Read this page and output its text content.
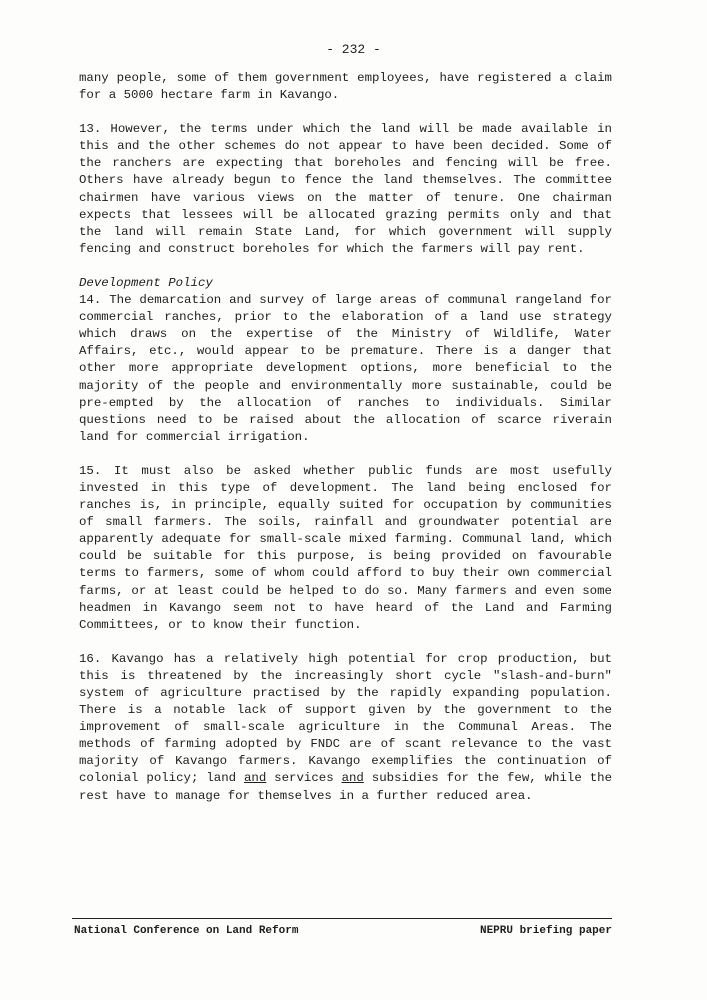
- 232 -

many people, some of them government employees, have registered a claim for a 5000 hectare farm in Kavango.

13. However, the terms under which the land will be made available in this and the other schemes do not appear to have been decided. Some of the ranchers are expecting that boreholes and fencing will be free. Others have already begun to fence the land themselves. The committee chairmen have various views on the matter of tenure. One chairman expects that lessees will be allocated grazing permits only and that the land will remain State Land, for which government will supply fencing and construct boreholes for which the farmers will pay rent.

Development Policy

14. The demarcation and survey of large areas of communal rangeland for commercial ranches, prior to the elaboration of a land use strategy which draws on the expertise of the Ministry of Wildlife, Water Affairs, etc., would appear to be premature. There is a danger that other more appropriate development options, more beneficial to the majority of the people and environmentally more sustainable, could be pre-empted by the allocation of ranches to individuals. Similar questions need to be raised about the allocation of scarce riverain land for commercial irrigation.

15. It must also be asked whether public funds are most usefully invested in this type of development. The land being enclosed for ranches is, in principle, equally suited for occupation by communities of small farmers. The soils, rainfall and groundwater potential are apparently adequate for small-scale mixed farming. Communal land, which could be suitable for this purpose, is being provided on favourable terms to farmers, some of whom could afford to buy their own commercial farms, or at least could be helped to do so. Many farmers and even some headmen in Kavango seem not to have heard of the Land and Farming Committees, or to know their function.

16. Kavango has a relatively high potential for crop production, but this is threatened by the increasingly short cycle "slash-and-burn" system of agriculture practised by the rapidly expanding population. There is a notable lack of support given by the government to the improvement of small-scale agriculture in the Communal Areas. The methods of farming adopted by FNDC are of scant relevance to the vast majority of Kavango farmers. Kavango exemplifies the continuation of colonial policy; land and services and subsidies for the few, while the rest have to manage for themselves in a further reduced area.

National Conference on Land Reform	NEPRU briefing paper
